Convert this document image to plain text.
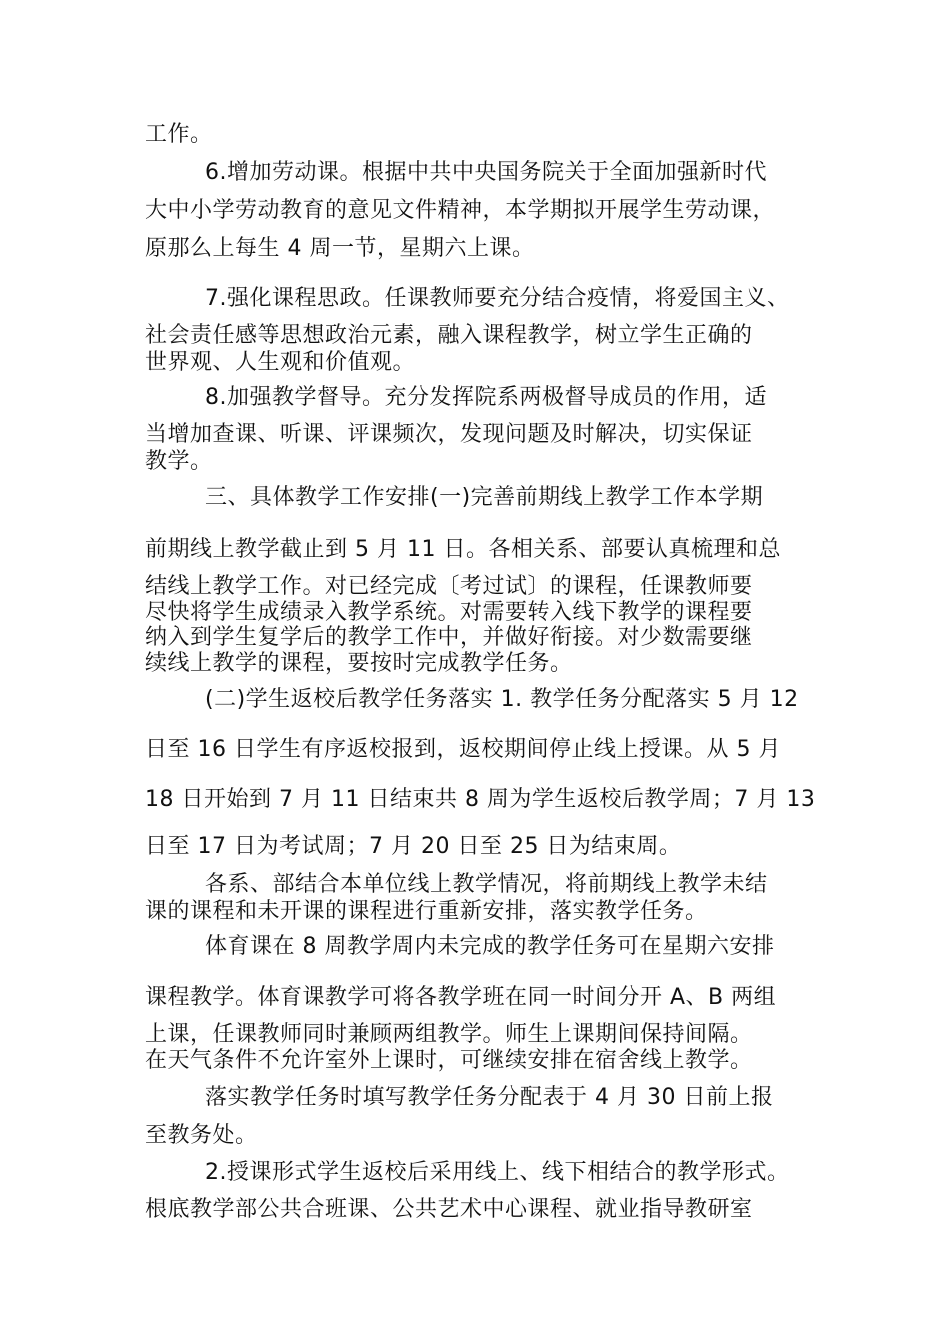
工作。
6.增加劳动课。根据中共中央国务院关于全面加强新时代
大中小学劳动教育的意见文件精神，本学期拟开展学生劳动课，
原那么上每生 4 周一节，星期六上课。
7.强化课程思政。任课教师要充分结合疫情，将爱国主义、
社会责任感等思想政治元素，融入课程教学，树立学生正确的
世界观、人生观和价值观。
8.加强教学督导。充分发挥院系两极督导成员的作用，适
当增加查课、听课、评课频次，发现问题及时解决，切实保证
教学。
三、具体教学工作安排(一)完善前期线上教学工作本学期
前期线上教学截止到 5 月 11 日。各相关系、部要认真梳理和总
结线上教学工作。对已经完成〔考过试〕的课程，任课教师要
尽快将学生成绩录入教学系统。对需要转入线下教学的课程要
纳入到学生复学后的教学工作中，并做好衔接。对少数需要继
续线上教学的课程，要按时完成教学任务。
(二)学生返校后教学任务落实 1. 教学任务分配落实 5 月 12
日至 16 日学生有序返校报到，返校期间停止线上授课。从 5 月
18 日开始到 7 月 11 日结束共 8 周为学生返校后教学周；7 月 13
日至 17 日为考试周；7 月 20 日至 25 日为结束周。
各系、部结合本单位线上教学情况，将前期线上教学未结
课的课程和未开课的课程进行重新安排，落实教学任务。
体育课在 8 周教学周内未完成的教学任务可在星期六安排
课程教学。体育课教学可将各教学班在同一时间分开 A、B 两组
上课，任课教师同时兼顾两组教学。师生上课期间保持间隔。
在天气条件不允许室外上课时，可继续安排在宿舍线上教学。
落实教学任务时填写教学任务分配表于 4 月 30 日前上报
至教务处。
2.授课形式学生返校后采用线上、线下相结合的教学形式。
根底教学部公共合班课、公共艺术中心课程、就业指导教研室
